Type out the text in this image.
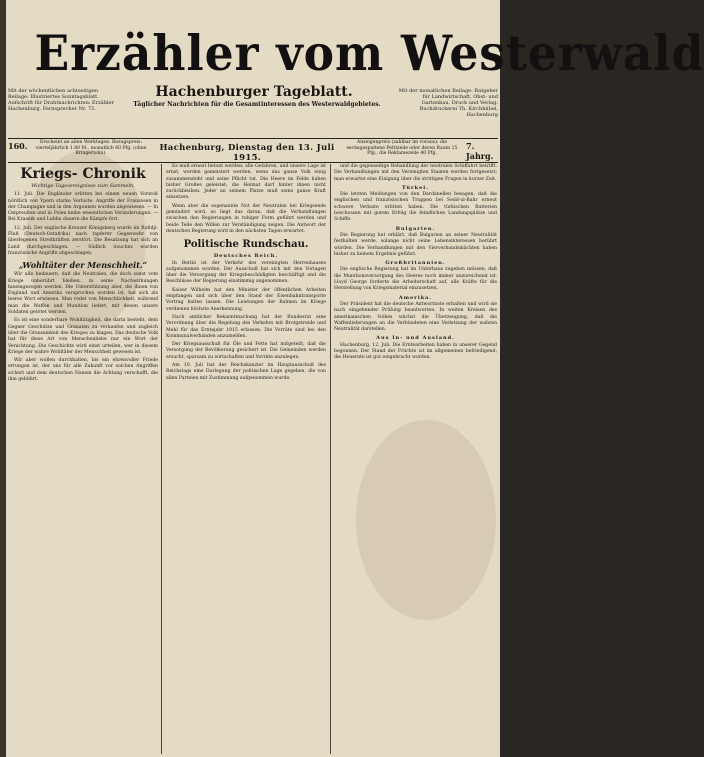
Erzähler vom Westerwald
Mit der wöchentlichen achtseitigen Beilage: Illustriertes Sonntagsblatt. Aufschrift für Drahtnachrichten: Erzähler Hachenburg. Fernsprecher Nr. 72.
Hachenburger Tageblatt.	Mit der monatlichen Beilage: Ratgeber für Landwirtschaft, Obst- und Gartenbau. Druck und Verlag: Buchdruckerei Th. Kirchhübel, Hachenburg
Täglicher Nachrichten für die Gesamtinteressen des Westerwaldgebietes.
160.	Erscheint an allen Werktagen. Bezugspreis: vierteljährlich 1.80 M., monatlich 60 Pfg. (ohne Bringerlohn).
Hachenburg, Dienstag den 13. Juli 1915.
Anzeigenpreis (zahlbar im voraus): die sechsgespaltene Petitzeile oder deren Raum 15 Pfg., die Reklamezeile 40 Pfg.
7. Jahrg.
Kriegs- Chronik
Wichtige Tagesereignisse zum Sammeln.

11. Juli. Die Engländer erlitten bei einem neuen Vorstoß nördlich von Ypern starke Verluste. Angriffe der Franzosen in der Champagne und in den Argonnen wurden abgewiesen. — In Ostpreußen und in Polen keine wesentlichen Veränderungen. — Bei Krasnik und Lublin dauern die Kämpfe fort.

12. Juli. Der englische Kreuzer Königsberg wurde im Rufidji-Fluß (Deutsch-Ostafrika) nach tapferer Gegenwehr von überlegenen Streitkräften zerstört. Die Besatzung hat sich an Land durchgeschlagen. — Südlich Souchez wurden französische Angriffe abgeschlagen.

„Wohltäter der Menschheit.“

Wir alle bedauern, daß die Neutralen, die doch sonst vom Kriege unberührt bleiben, in seine Nachwirkungen hineingezogen werden. Die Unterstützung aber, die ihnen von England und Amerika versprochen worden ist, hat sich als leeres Wort erwiesen. Man redet von Menschlichkeit, während man die Waffen und Munition liefert, mit denen unsere Soldaten getötet werden.

Es ist eine sonderbare Wohltätigkeit, die darin besteht, dem Gegner Geschütze und Granaten zu verkaufen und zugleich über die Grausamkeit des Krieges zu klagen. Das deutsche Volk hat für diese Art von Menschenliebe nur ein Wort der Verachtung. Die Geschichte wird einst urteilen, wer in diesem Kriege der wahre Wohltäter der Menschheit gewesen ist.

Wir aber wollen durchhalten, bis ein ehrenvoller Friede errungen ist, der uns für alle Zukunft vor solchen Angriffen sichert und dem deutschen Namen die Achtung verschafft, die ihm gebührt.

Es muß erneut betont werden: alle Gefahren, und unsere Lage ist ernst, werden gemeistert werden, wenn das ganze Volk einig zusammensteht und seine Pflicht tut. Die Heere im Felde haben bisher Großes geleistet; die Heimat darf hinter ihnen nicht zurückbleiben. Jeder an seinem Platze muß seine ganze Kraft einsetzen.

Wenn aber die sogenannte Not der Neutralen bei Kriegsende gemindert wird, so liegt das daran, daß die Verhandlungen zwischen den Regierungen in ruhiger Form geführt werden und beide Teile den Willen zur Verständigung zeigen. Die Antwort der deutschen Regierung wird in den nächsten Tagen erwartet.

Politische Rundschau.
Deutsches Reich.

In Berlin ist der Verkehr des vereinigten Herrenhauses aufgenommen worden. Der Ausschuß hat sich mit den Vorlagen über die Versorgung der Kriegsbeschädigten beschäftigt und die Beschlüsse der Regierung einstimmig angenommen.

Kaiser Wilhelm hat den Minister der öffentlichen Arbeiten empfangen und sich über den Stand der Eisenbahntransporte Vortrag halten lassen. Die Leistungen der Bahnen im Kriege verdienen höchste Anerkennung.

Nach amtlicher Bekanntmachung hat der Bundesrat eine Verordnung über die Regelung des Verkehrs mit Brotgetreide und Mehl für das Erntejahr 1915 erlassen. Die Vorräte sind bei den Kommunalverbänden anzumelden.

Der Kriegsausschuß für Öle und Fette hat mitgeteilt, daß die Versorgung der Bevölkerung gesichert ist. Die Gemeinden werden ersucht, sparsam zu wirtschaften und Vorräte anzulegen.

Am 10. Juli hat der Reichskanzler im Hauptausschuß des Reichstags eine Darlegung der politischen Lage gegeben, die von allen Parteien mit Zustimmung aufgenommen wurde.

und die gegenseitige Behandlung der neutralen Schiffahrt betrifft. Die Verhandlungen mit den Vereinigten Staaten werden fortgesetzt; man erwartet eine Einigung über die strittigen Fragen in kurzer Zeit.

Türkei.

Die letzten Meldungen von den Dardanellen besagen, daß die englischen und französischen Truppen bei Sedd-ul-Bahr erneut schwere Verluste erlitten haben. Die türkischen Batterien beschossen mit gutem Erfolg die feindlichen Landungsplätze und Schiffe.

Bulgarien.

Die Regierung hat erklärt, daß Bulgarien an seiner Neutralität festhalten werde, solange nicht seine Lebensinteressen berührt würden. Die Verhandlungen mit den Vierverbandsmächten haben bisher zu keinem Ergebnis geführt.

Großbritannien.

Die englische Regierung hat im Unterhaus zugeben müssen, daß die Munitionsversorgung des Heeres noch immer unzureichend ist. Lloyd George forderte die Arbeiterschaft auf, alle Kräfte für die Herstellung von Kriegsmaterial einzusetzen.

Amerika.

Der Präsident hat die deutsche Antwortnote erhalten und wird sie nach eingehender Prüfung beantworten. In weiten Kreisen des amerikanischen Volkes wächst die Überzeugung, daß die Waffenlieferungen an die Verbündeten eine Verletzung der wahren Neutralität darstellen.

Aus In- und Ausland.

Hachenburg, 12. Juli. Die Erntearbeiten haben in unserer Gegend begonnen. Der Stand der Früchte ist im allgemeinen befriedigend; die Heuernte ist gut eingebracht worden.
